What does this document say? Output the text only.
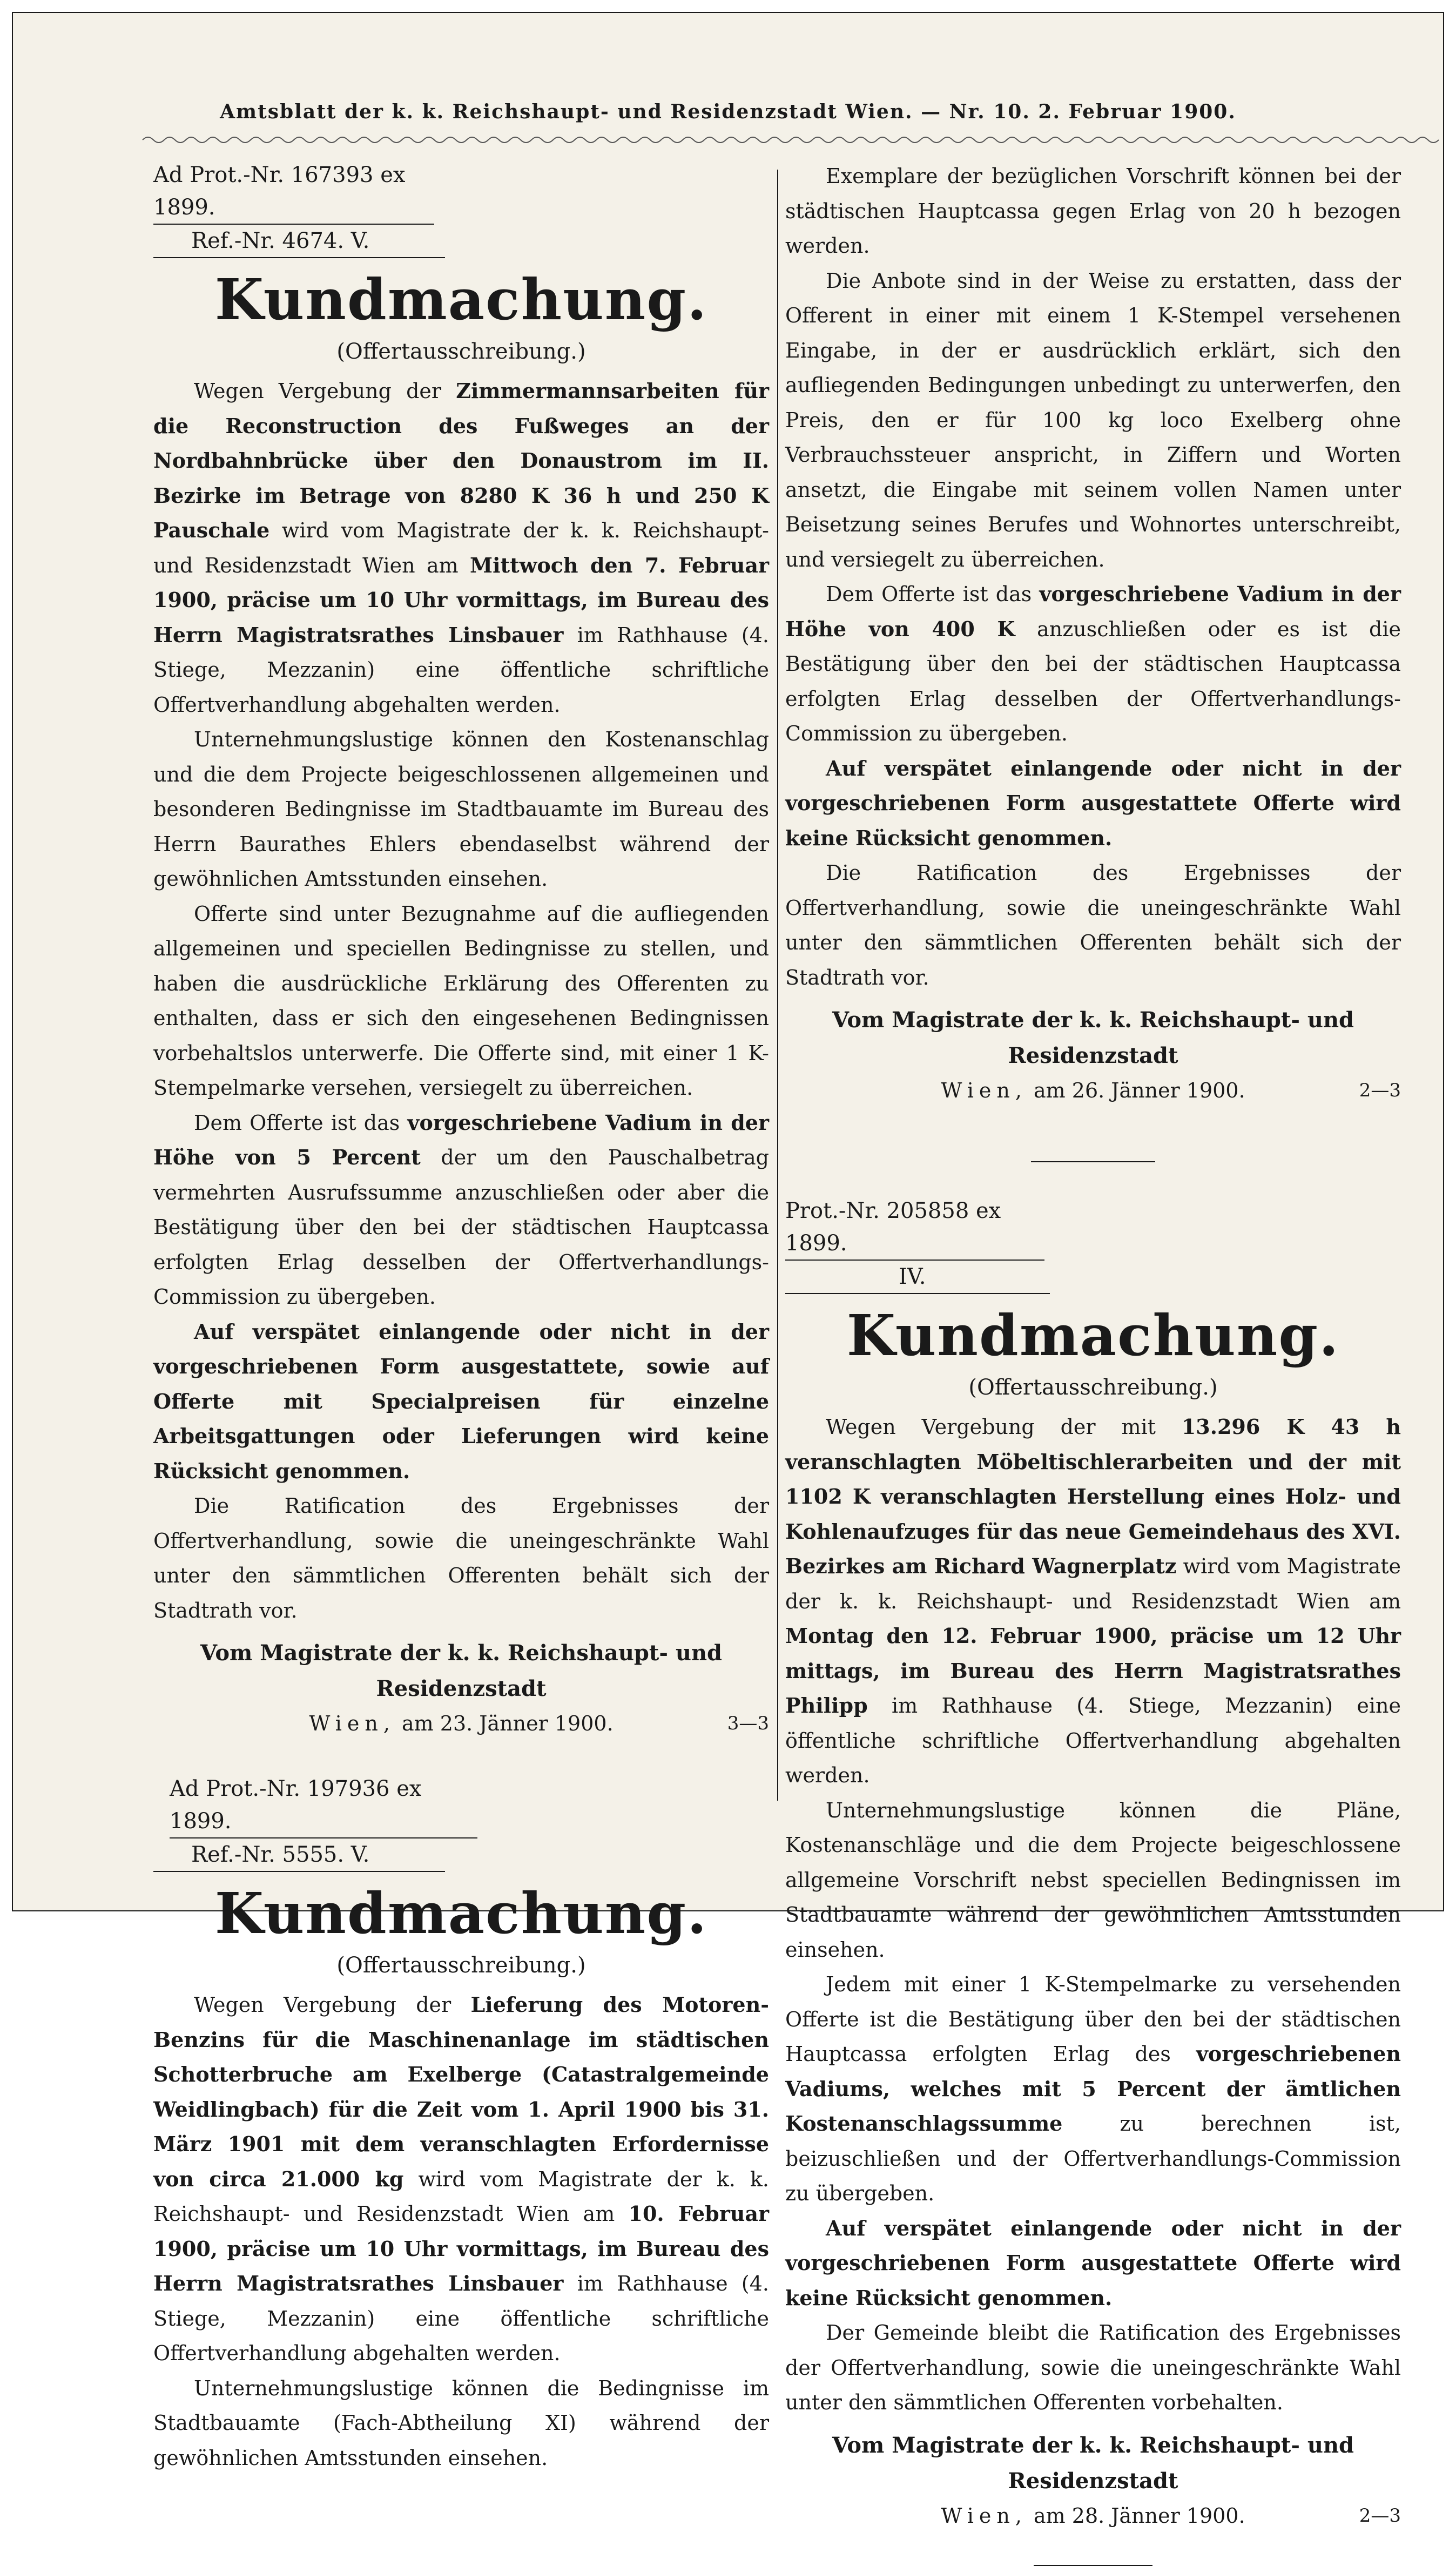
Amtsblatt der k. k. Reichshaupt- und Residenzstadt Wien. — Nr. 10. 2. Februar 1900.

Ad Prot.-Nr. 167393 ex 1899.

Ref.-Nr. 4674. V.

Kundmachung.

(Offertausschreibung.)

Wegen Vergebung der Zimmermannsarbeiten für die Reconstruction des Fußweges an der Nordbahnbrücke über den Donaustrom im II. Bezirke im Betrage von 8280 K 36 h und 250 K Pauschale wird vom Magistrate der k. k. Reichshaupt- und Residenzstadt Wien am Mittwoch den 7. Februar 1900, präcise um 10 Uhr vormittags, im Bureau des Herrn Magistratsrathes Linsbauer im Rathhause (4. Stiege, Mezzanin) eine öffentliche schriftliche Offertverhandlung abgehalten werden.

Unternehmungslustige können den Kostenanschlag und die dem Projecte beigeschlossenen allgemeinen und besonderen Bedingnisse im Stadtbauamte im Bureau des Herrn Baurathes Ehlers ebendaselbst während der gewöhnlichen Amtsstunden einsehen.

Offerte sind unter Bezugnahme auf die aufliegenden allgemeinen und speciellen Bedingnisse zu stellen, und haben die ausdrückliche Erklärung des Offerenten zu enthalten, dass er sich den eingesehenen Bedingnissen vorbehaltslos unterwerfe. Die Offerte sind, mit einer 1 K-Stempelmarke versehen, versiegelt zu überreichen.

Dem Offerte ist das vorgeschriebene Vadium in der Höhe von 5 Percent der um den Pauschalbetrag vermehrten Ausrufssumme anzuschließen oder aber die Bestätigung über den bei der städtischen Hauptcassa erfolgten Erlag desselben der Offertverhandlungs-Commission zu übergeben.

Auf verspätet einlangende oder nicht in der vorgeschriebenen Form ausgestattete, sowie auf Offerte mit Specialpreisen für einzelne Arbeitsgattungen oder Lieferungen wird keine Rücksicht genommen.

Die Ratification des Ergebnisses der Offertverhandlung, sowie die uneingeschränkte Wahl unter den sämmtlichen Offerenten behält sich der Stadtrath vor.

Vom Magistrate der k. k. Reichshaupt- und Residenzstadt

Wien, am 23. Jänner 1900.	3—3

Ad Prot.-Nr. 197936 ex 1899.

Ref.-Nr. 5555. V.

Kundmachung.

(Offertausschreibung.)

Wegen Vergebung der Lieferung des Motoren-Benzins für die Maschinenanlage im städtischen Schotterbruche am Exelberge (Catastralgemeinde Weidlingbach) für die Zeit vom 1. April 1900 bis 31. März 1901 mit dem veranschlagten Erfordernisse von circa 21.000 kg wird vom Magistrate der k. k. Reichshaupt- und Residenzstadt Wien am 10. Februar 1900, präcise um 10 Uhr vormittags, im Bureau des Herrn Magistratsrathes Linsbauer im Rathhause (4. Stiege, Mezzanin) eine öffentliche schriftliche Offertverhandlung abgehalten werden.

Unternehmungslustige können die Bedingnisse im Stadtbauamte (Fach-Abtheilung XI) während der gewöhnlichen Amtsstunden einsehen.

Exemplare der bezüglichen Vorschrift können bei der städtischen Hauptcassa gegen Erlag von 20 h bezogen werden.

Die Anbote sind in der Weise zu erstatten, dass der Offerent in einer mit einem 1 K-Stempel versehenen Eingabe, in der er ausdrücklich erklärt, sich den aufliegenden Bedingungen unbedingt zu unterwerfen, den Preis, den er für 100 kg loco Exelberg ohne Verbrauchssteuer anspricht, in Ziffern und Worten ansetzt, die Eingabe mit seinem vollen Namen unter Beisetzung seines Berufes und Wohnortes unterschreibt, und versiegelt zu überreichen.

Dem Offerte ist das vorgeschriebene Vadium in der Höhe von 400 K anzuschließen oder es ist die Bestätigung über den bei der städtischen Hauptcassa erfolgten Erlag desselben der Offertverhandlungs-Commission zu übergeben.

Auf verspätet einlangende oder nicht in der vorgeschriebenen Form ausgestattete Offerte wird keine Rücksicht genommen.

Die Ratification des Ergebnisses der Offertverhandlung, sowie die uneingeschränkte Wahl unter den sämmtlichen Offerenten behält sich der Stadtrath vor.

Vom Magistrate der k. k. Reichshaupt- und Residenzstadt

Wien, am 26. Jänner 1900.	2—3

Prot.-Nr. 205858 ex 1899.

IV.

Kundmachung.

(Offertausschreibung.)

Wegen Vergebung der mit 13.296 K 43 h veranschlagten Möbeltischlerarbeiten und der mit 1102 K veranschlagten Herstellung eines Holz- und Kohlenaufzuges für das neue Gemeindehaus des XVI. Bezirkes am Richard Wagnerplatz wird vom Magistrate der k. k. Reichshaupt- und Residenzstadt Wien am Montag den 12. Februar 1900, präcise um 12 Uhr mittags, im Bureau des Herrn Magistratsrathes Philipp im Rathhause (4. Stiege, Mezzanin) eine öffentliche schriftliche Offertverhandlung abgehalten werden.

Unternehmungslustige können die Pläne, Kostenanschläge und die dem Projecte beigeschlossene allgemeine Vorschrift nebst speciellen Bedingnissen im Stadtbauamte während der gewöhnlichen Amtsstunden einsehen.

Jedem mit einer 1 K-Stempelmarke zu versehenden Offerte ist die Bestätigung über den bei der städtischen Hauptcassa erfolgten Erlag des vorgeschriebenen Vadiums, welches mit 5 Percent der ämtlichen Kostenanschlagssumme zu berechnen ist, beizuschließen und der Offertverhandlungs-Commission zu übergeben.

Auf verspätet einlangende oder nicht in der vorgeschriebenen Form ausgestattete Offerte wird keine Rücksicht genommen.

Der Gemeinde bleibt die Ratification des Ergebnisses der Offertverhandlung, sowie die uneingeschränkte Wahl unter den sämmtlichen Offerenten vorbehalten.

Vom Magistrate der k. k. Reichshaupt- und Residenzstadt

Wien, am 28. Jänner 1900.	2—3
